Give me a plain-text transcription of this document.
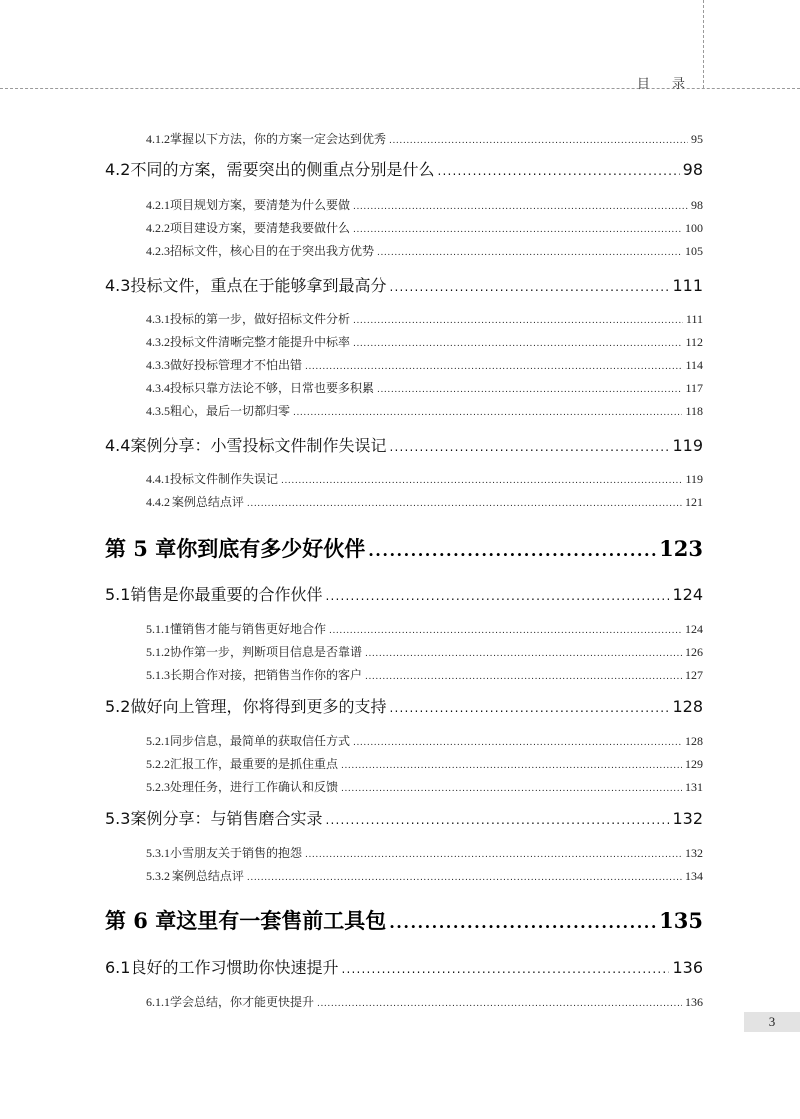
目 录
4.1.2 掌握以下方法，你的方案一定会达到优秀 .....	95
4.2 不同的方案，需要突出的侧重点分别是什么 .....	98
4.2.1 项目规划方案，要清楚为什么要做 .....	98
4.2.2 项目建设方案，要清楚我要做什么 .....	100
4.2.3 招标文件，核心目的在于突出我方优势 .....	105
4.3 投标文件，重点在于能够拿到最高分 .....	111
4.3.1 投标的第一步，做好招标文件分析 .....	111
4.3.2 投标文件清晰完整才能提升中标率 .....	112
4.3.3 做好投标管理才不怕出错 .....	114
4.3.4 投标只靠方法论不够，日常也要多积累 .....	117
4.3.5 粗心，最后一切都归零 .....	118
4.4 案例分享：小雪投标文件制作失误记 .....	119
4.4.1 投标文件制作失误记 .....	119
4.4.2 案例总结点评 .....	121
第 5 章 你到底有多少好伙伴 .....	123
5.1 销售是你最重要的合作伙伴 .....	124
5.1.1 懂销售才能与销售更好地合作 .....	124
5.1.2 协作第一步，判断项目信息是否靠谱 .....	126
5.1.3 长期合作对接，把销售当作你的客户 .....	127
5.2 做好向上管理，你将得到更多的支持 .....	128
5.2.1 同步信息，最简单的获取信任方式 .....	128
5.2.2 汇报工作，最重要的是抓住重点 .....	129
5.2.3 处理任务，进行工作确认和反馈 .....	131
5.3 案例分享：与销售磨合实录 .....	132
5.3.1 小雪朋友关于销售的抱怨 .....	132
5.3.2 案例总结点评 .....	134
第 6 章 这里有一套售前工具包 .....	135
6.1 良好的工作习惯助你快速提升 .....	136
6.1.1 学会总结，你才能更快提升 .....	136
3
